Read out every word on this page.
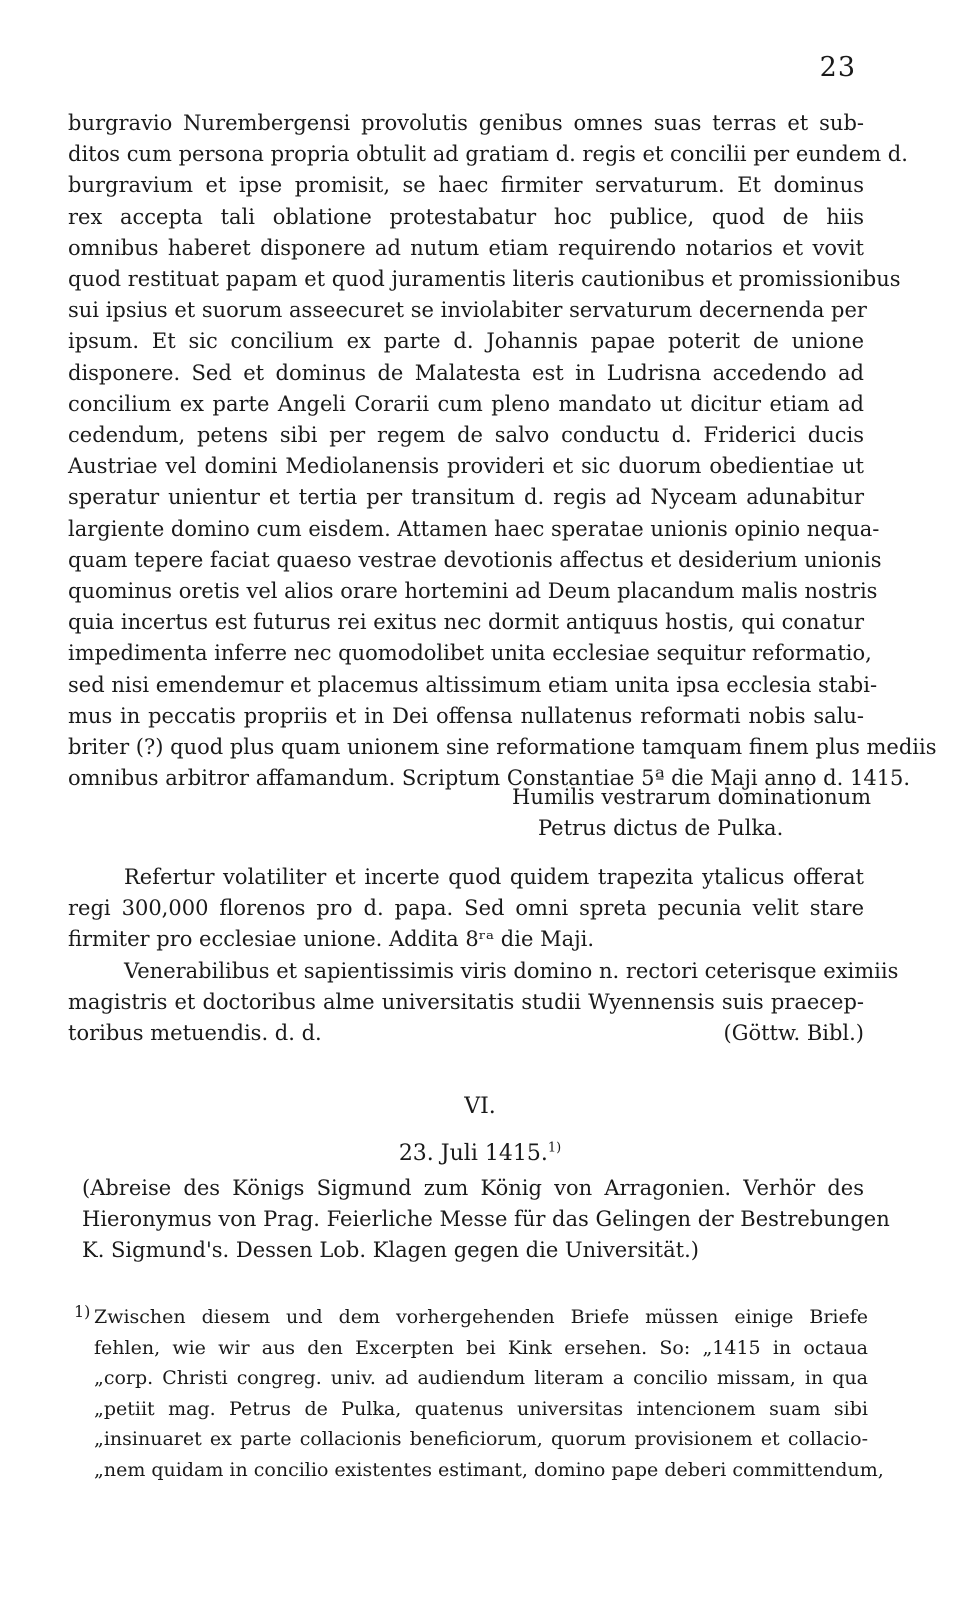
23
burgravio Nurembergensi provolutis genibus omnes suas terras et sub-
ditos cum persona propria obtulit ad gratiam d. regis et concilii per eundem d.
burgravium et ipse promisit, se haec firmiter servaturum. Et dominus
rex accepta tali oblatione protestabatur hoc publice, quod de hiis
omnibus haberet disponere ad nutum etiam requirendo notarios et vovit
quod restituat papam et quod juramentis literis cautionibus et promissionibus
sui ipsius et suorum asseecuret se inviolabiter servaturum decernenda per
ipsum. Et sic concilium ex parte d. Johannis papae poterit de unione
disponere. Sed et dominus de Malatesta est in Ludrisna accedendo ad
concilium ex parte Angeli Corarii cum pleno mandato ut dicitur etiam ad
cedendum, petens sibi per regem de salvo conductu d. Friderici ducis
Austriae vel domini Mediolanensis provideri et sic duorum obedientiae ut
speratur unientur et tertia per transitum d. regis ad Nyceam adunabitur
largiente domino cum eisdem. Attamen haec speratae unionis opinio nequa-
quam tepere faciat quaeso vestrae devotionis affectus et desiderium unionis
quominus oretis vel alios orare hortemini ad Deum placandum malis nostris
quia incertus est futurus rei exitus nec dormit antiquus hostis, qui conatur
impedimenta inferre nec quomodolibet unita ecclesiae sequitur reformatio,
sed nisi emendemur et placemus altissimum etiam unita ipsa ecclesia stabi-
mus in peccatis propriis et in Dei offensa nullatenus reformati nobis salu-
briter (?) quod plus quam unionem sine reformatione tamquam finem plus mediis
omnibus arbitror affamandum. Scriptum Constantiae 5ª die Maji anno d. 1415.
Humilis vestrarum dominationum
Petrus dictus de Pulka.
Refertur volatiliter et incerte quod quidem trapezita ytalicus offerat
regi 300,000 florenos pro d. papa. Sed omni spreta pecunia velit stare
firmiter pro ecclesiae unione. Addita 8ʳᵃ die Maji.
Venerabilibus et sapientissimis viris domino n. rectori ceterisque eximiis
magistris et doctoribus alme universitatis studii Wyennensis suis praecep-
toribus metuendis. d. d.	(Göttw. Bibl.)
VI.
23. Juli 1415.$^{1)}$
(Abreise des Königs Sigmund zum König von Arragonien. Verhör des
Hieronymus von Prag. Feierliche Messe für das Gelingen der Bestrebungen
K. Sigmund's. Dessen Lob. Klagen gegen die Universität.)
1) Zwischen diesem und dem vorhergehenden Briefe müssen einige Briefe
fehlen, wie wir aus den Excerpten bei Kink ersehen. So: „1415 in octaua
„corp. Christi congreg. univ. ad audiendum literam a concilio missam, in qua
„petiit mag. Petrus de Pulka, quatenus universitas intencionem suam sibi
„insinuaret ex parte collacionis beneficiorum, quorum provisionem et collacio-
„nem quidam in concilio existentes estimant, domino pape deberi committendum,
